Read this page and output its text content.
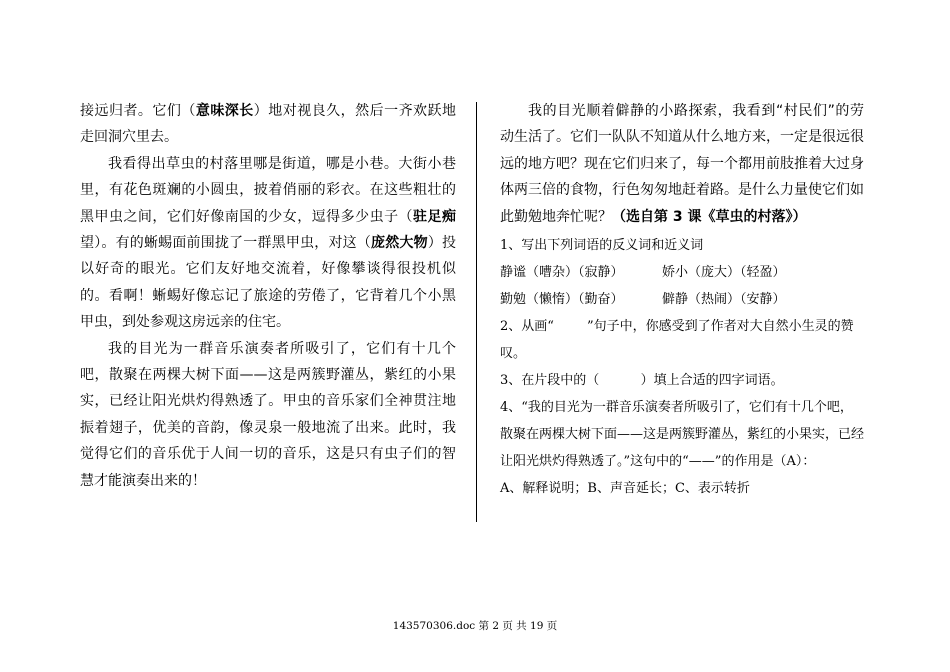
接远归者。它们（意味深长）地对视良久，然后一齐欢跃地走回洞穴里去。

我看得出草虫的村落里哪是街道，哪是小巷。大街小巷里，有花色斑斓的小圆虫，披着俏丽的彩衣。在这些粗壮的黑甲虫之间，它们好像南国的少女，逗得多少虫子（驻足痴望）。有的蜥蜴面前围拢了一群黑甲虫，对这（庞然大物）投以好奇的眼光。它们友好地交流着，好像攀谈得很投机似的。看啊！蜥蜴好像忘记了旅途的劳倦了，它背着几个小黑甲虫，到处参观这房远亲的住宅。

我的目光为一群音乐演奏者所吸引了，它们有十几个吧，散聚在两棵大树下面——这是两簇野灌丛，紫红的小果实，已经让阳光烘灼得熟透了。甲虫的音乐家们全神贯注地振着翅子，优美的音韵，像灵泉一般地流了出来。此时，我觉得它们的音乐优于人间一切的音乐，这是只有虫子们的智慧才能演奏出来的！

我的目光顺着僻静的小路探索，我看到“村民们”的劳动生活了。它们一队队不知道从什么地方来，一定是很远很远的地方吧？现在它们归来了，每一个都用前肢推着大过身体两三倍的食物，行色匆匆地赶着路。是什么力量使它们如此勤勉地奔忙呢？（选自第 3 课《草虫的村落》）

1、写出下列词语的反义词和近义词

静谧（嘈杂）（寂静）	娇小（庞大）（轻盈）

勤勉（懒惰）（勤奋）	僻静（热闹）（安静）

2、从画“        ”句子中，你感受到了作者对大自然小生灵的赞叹。

3、在片段中的（          ）填上合适的四字词语。

4、“我的目光为一群音乐演奏者所吸引了，它们有十几个吧，散聚在两棵大树下面——这是两簇野灌丛，紫红的小果实，已经让阳光烘灼得熟透了。”这句中的“——”的作用是（A）：

A、解释说明；B、声音延长；C、表示转折

143570306.doc 第 2 页 共 19 页
